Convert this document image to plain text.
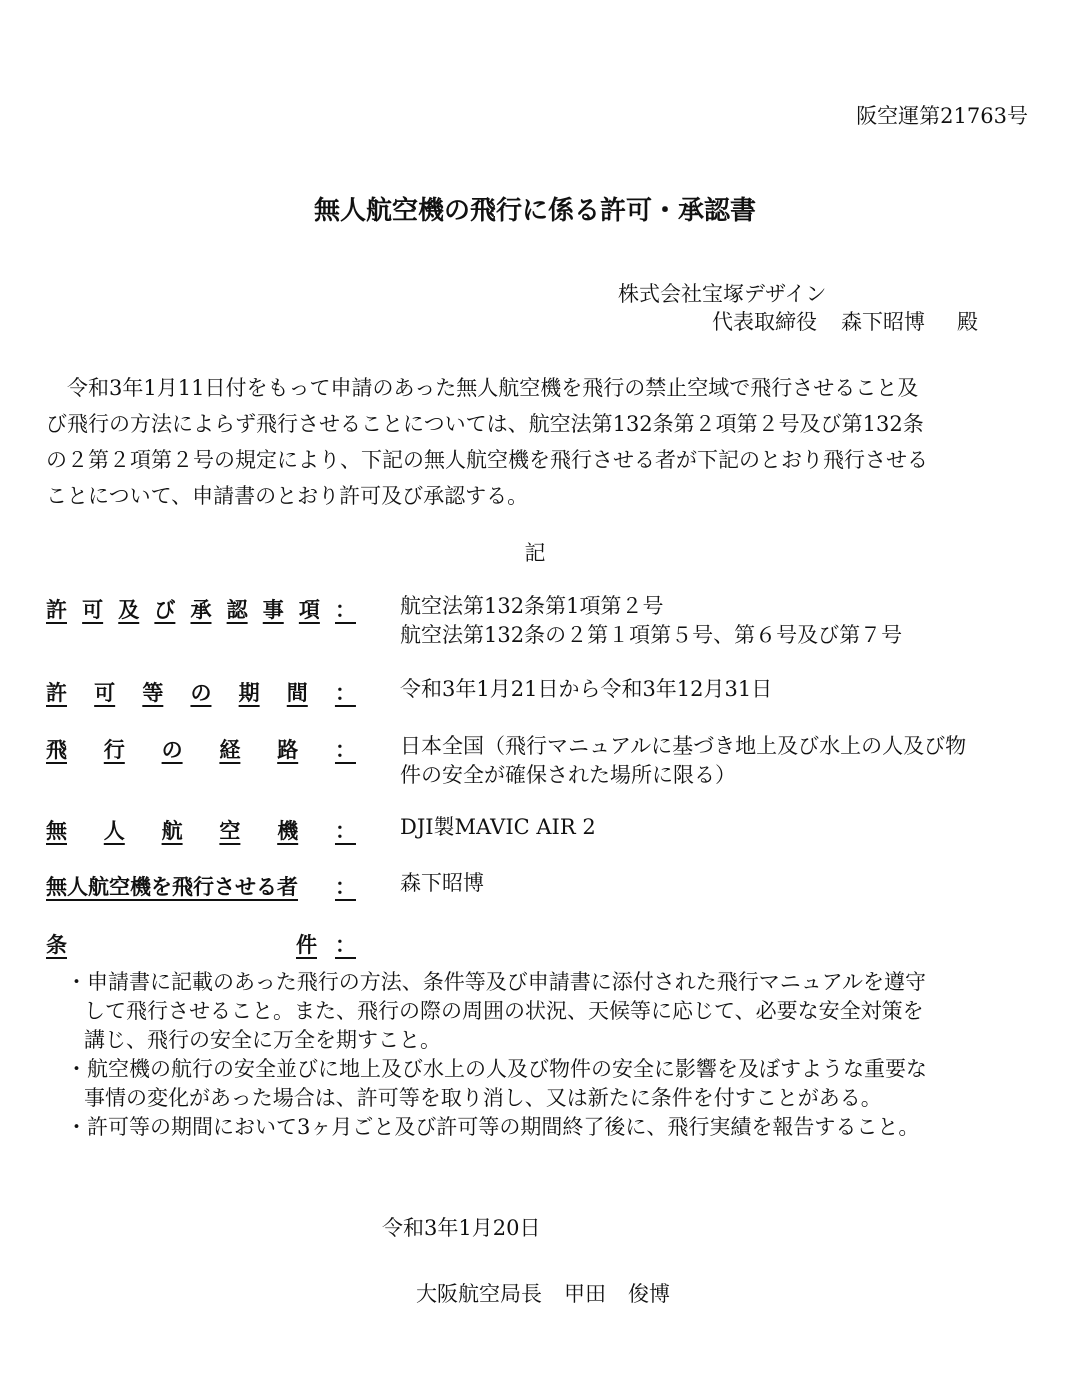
阪空運第21763号
無人航空機の飛行に係る許可・承認書
株式会社宝塚デザイン
代表取締役 森下昭博 殿
　令和3年1月11日付をもって申請のあった無人航空機を飛行の禁止空域で飛行させること及
び飛行の方法によらず飛行させることについては、航空法第132条第２項第２号及び第132条
の２第２項第２号の規定により、下記の無人航空機を飛行させる者が下記のとおり飛行させる
ことについて、申請書のとおり許可及び承認する。
記
許 可 及 び 承 認 事 項 ： 航空法第132条第1項第２号
航空法第132条の２第１項第５号、第６号及び第７号
許 可 等 の 期 間 ： 令和3年1月21日から令和3年12月31日
飛 行 の 経 路 ： 日本全国（飛行マニュアルに基づき地上及び水上の人及び物
件の安全が確保された場所に限る）
無 人 航 空 機 ： DJI製MAVIC AIR 2
無人航空機を飛行させる者 ： 森下昭博
条	件 ：
・申請書に記載のあった飛行の方法、条件等及び申請書に添付された飛行マニュアルを遵守
して飛行させること。また、飛行の際の周囲の状況、天候等に応じて、必要な安全対策を
講じ、飛行の安全に万全を期すこと。
・航空機の航行の安全並びに地上及び水上の人及び物件の安全に影響を及ぼすような重要な
事情の変化があった場合は、許可等を取り消し、又は新たに条件を付すことがある。
・許可等の期間において3ヶ月ごと及び許可等の期間終了後に、飛行実績を報告すること。
令和3年1月20日
大阪航空局長 甲田 俊博
